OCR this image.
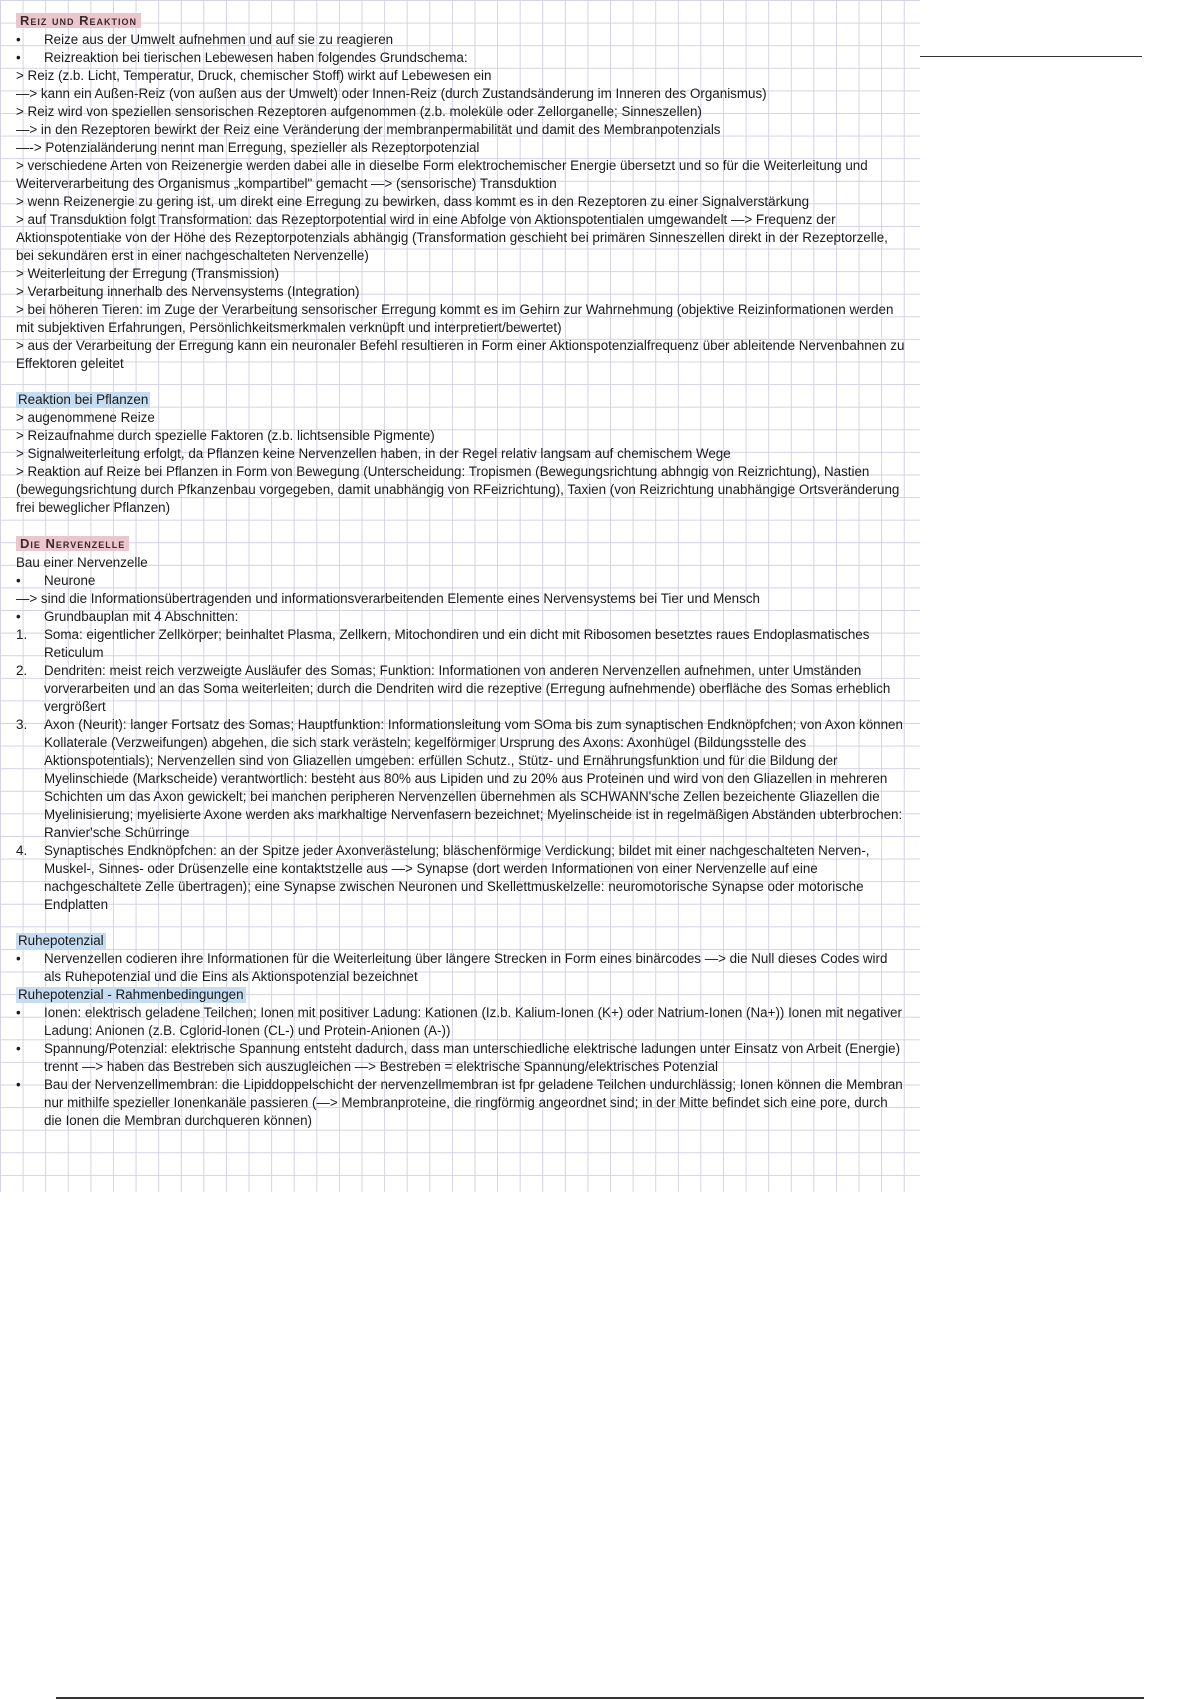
Reiz und Reaktion

• Reize aus der Umwelt aufnehmen und auf sie zu reagieren

• Reizreaktion bei tierischen Lebewesen haben folgendes Grundschema:

> Reiz (z.b. Licht, Temperatur, Druck, chemischer Stoff) wirkt auf Lebewesen ein

—> kann ein Außen-Reiz (von außen aus der Umwelt) oder Innen-Reiz (durch Zustandsänderung im Inneren des Organismus)

> Reiz wird von speziellen sensorischen Rezeptoren aufgenommen (z.b. moleküle oder Zellorganelle; Sinneszellen)

—> in den Rezeptoren bewirkt der Reiz eine Veränderung der membranpermabilität und damit des Membranpotenzials

—-> Potenzialänderung nennt man Erregung, spezieller als Rezeptorpotenzial

> verschiedene Arten von Reizenergie werden dabei alle in dieselbe Form elektrochemischer Energie übersetzt und so für die Weiterleitung und Weiterverarbeitung des Organismus „kompartibel" gemacht —> (sensorische) Transduktion

> wenn Reizenergie zu gering ist, um direkt eine Erregung zu bewirken, dass kommt es in den Rezeptoren zu einer Signalverstärkung

> auf Transduktion folgt Transformation: das Rezeptorpotential wird in eine Abfolge von Aktionspotentialen umgewandelt —> Frequenz der Aktionspotentiake von der Höhe des Rezeptorpotenzials abhängig (Transformation geschieht bei primären Sinneszellen direkt in der Rezeptorzelle, bei sekundären erst in einer nachgeschalteten Nervenzelle)

> Weiterleitung der Erregung (Transmission)

> Verarbeitung innerhalb des Nervensystems (Integration)

> bei höheren Tieren: im Zuge der Verarbeitung sensorischer Erregung kommt es im Gehirn zur Wahrnehmung (objektive Reizinformationen werden mit subjektiven Erfahrungen, Persönlichkeitsmerkmalen verknüpft und interpretiert/bewertet)

> aus der Verarbeitung der Erregung kann ein neuronaler Befehl resultieren in Form einer Aktionspotenzialfrequenz über ableitende Nervenbahnen zu Effektoren geleitet

Reaktion bei Pflanzen

> augenommene Reize

> Reizaufnahme durch spezielle Faktoren (z.b. lichtsensible Pigmente)

> Signalweiterleitung erfolgt, da Pflanzen keine Nervenzellen haben, in der Regel relativ langsam auf chemischem Wege

> Reaktion auf Reize bei Pflanzen in Form von Bewegung (Unterscheidung: Tropismen (Bewegungsrichtung abhngig von Reizrichtung), Nastien (bewegungsrichtung durch Pfkanzenbau vorgegeben, damit unabhängig von RFeizrichtung), Taxien (von Reizrichtung unabhängige Ortsveränderung frei beweglicher Pflanzen)

Die Nervenzelle

Bau einer Nervenzelle

• Neurone

—> sind die Informationsübertragenden und informationsverarbeitenden Elemente eines Nervensystems bei Tier und Mensch

• Grundbauplan mit 4 Abschnitten:

1. Soma: eigentlicher Zellkörper; beinhaltet Plasma, Zellkern, Mitochondiren und ein dicht mit Ribosomen besetztes raues Endoplasmatisches Reticulum

2. Dendriten: meist reich verzweigte Ausläufer des Somas; Funktion: Informationen von anderen Nervenzellen aufnehmen, unter Umständen vorverarbeiten und an das Soma weiterleiten; durch die Dendriten wird die rezeptive (Erregung aufnehmende) oberfläche des Somas erheblich vergrößert

3. Axon (Neurit): langer Fortsatz des Somas; Hauptfunktion: Informationsleitung vom SOma bis zum synaptischen Endknöpfchen; von Axon können Kollaterale (Verzweifungen) abgehen, die sich stark verästeln; kegelförmiger Ursprung des Axons: Axonhügel (Bildungsstelle des Aktionspotentials); Nervenzellen sind von Gliazellen umgeben: erfüllen Schutz., Stütz- und Ernährungsfunktion und für die Bildung der Myelinschiede (Markscheide) verantwortlich: besteht aus 80% aus Lipiden und zu 20% aus Proteinen und wird von den Gliazellen in mehreren Schichten um das Axon gewickelt; bei manchen peripheren Nervenzellen übernehmen als SCHWANN'sche Zellen bezeichente Gliazellen die Myelinisierung; myelisierte Axone werden aks markhaltige Nervenfasern bezeichnet; Myelinscheide ist in regelmäßigen Abständen ubterbrochen: Ranvier'sche Schürringe

4. Synaptisches Endknöpfchen: an der Spitze jeder Axonverästelung; bläschenförmige Verdickung; bildet mit einer nachgeschalteten Nerven-, Muskel-, Sinnes- oder Drüsenzelle eine kontaktstzelle aus —> Synapse (dort werden Informationen von einer Nervenzelle auf eine nachgeschaltete Zelle übertragen); eine Synapse zwischen Neuronen und Skellettmuskelzelle: neuromotorische Synapse oder motorische Endplatten

Ruhepotenzial

• Nervenzellen codieren ihre Informationen für die Weiterleitung über längere Strecken in Form eines binärcodes —> die Null dieses Codes wird als Ruhepotenzial und die Eins als Aktionspotenzial bezeichnet

Ruhepotenzial - Rahmenbedingungen

• Ionen: elektrisch geladene Teilchen; Ionen mit positiver Ladung: Kationen (Iz.b. Kalium-Ionen (K+) oder Natrium-Ionen (Na+)) Ionen mit negativer Ladung: Anionen (z.B. Cglorid-Ionen (CL-) und Protein-Anionen (A-))

• Spannung/Potenzial: elektrische Spannung entsteht dadurch, dass man unterschiedliche elektrische ladungen unter Einsatz von Arbeit (Energie) trennt —> haben das Bestreben sich auszugleichen —> Bestreben = elektrische Spannung/elektrisches Potenzial

• Bau der Nervenzellmembran: die Lipiddoppelschicht der nervenzellmembran ist fpr geladene Teilchen undurchlässig; Ionen können die Membran nur mithilfe spezieller Ionenkanäle passieren (—> Membranproteine, die ringförmig angeordnet sind; in der Mitte befindet sich eine pore, durch die Ionen die Membran durchqueren können)
